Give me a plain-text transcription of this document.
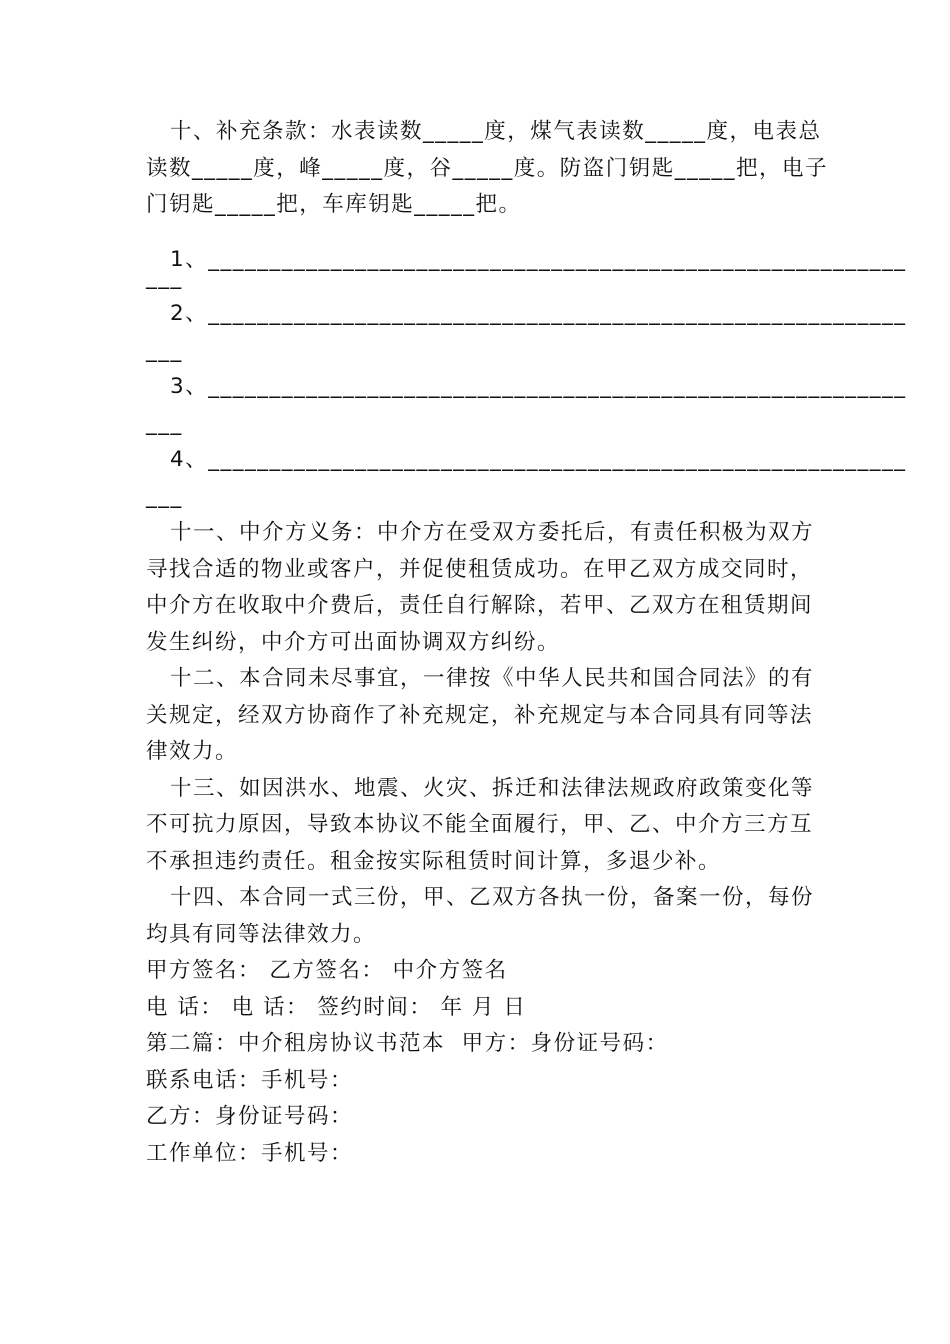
十、补充条款：水表读数_____度，煤气表读数_____度，电表总

读数_____度，峰_____度，谷_____度。防盗门钥匙_____把，电子

门钥匙_____把，车库钥匙_____把。

1、_________________________________________________________

___

2、_________________________________________________________

___

3、_________________________________________________________

___

4、_________________________________________________________

___

十一、中介方义务：中介方在受双方委托后，有责任积极为双方

寻找合适的物业或客户，并促使租赁成功。在甲乙双方成交同时，

中介方在收取中介费后，责任自行解除，若甲、乙双方在租赁期间

发生纠纷，中介方可出面协调双方纠纷。

十二、本合同未尽事宜，一律按《中华人民共和国合同法》的有

关规定，经双方协商作了补充规定，补充规定与本合同具有同等法

律效力。

十三、如因洪水、地震、火灾、拆迁和法律法规政府政策变化等

不可抗力原因，导致本协议不能全面履行，甲、乙、中介方三方互

不承担违约责任。租金按实际租赁时间计算，多退少补。

十四、本合同一式三份，甲、乙双方各执一份，备案一份，每份

均具有同等法律效力。

甲方签名： 乙方签名： 中介方签名

电 话： 电 话： 签约时间： 年 月 日

第二篇：中介租房协议书范本  甲方：身份证号码：

联系电话：手机号：

乙方：身份证号码：

工作单位：手机号：
